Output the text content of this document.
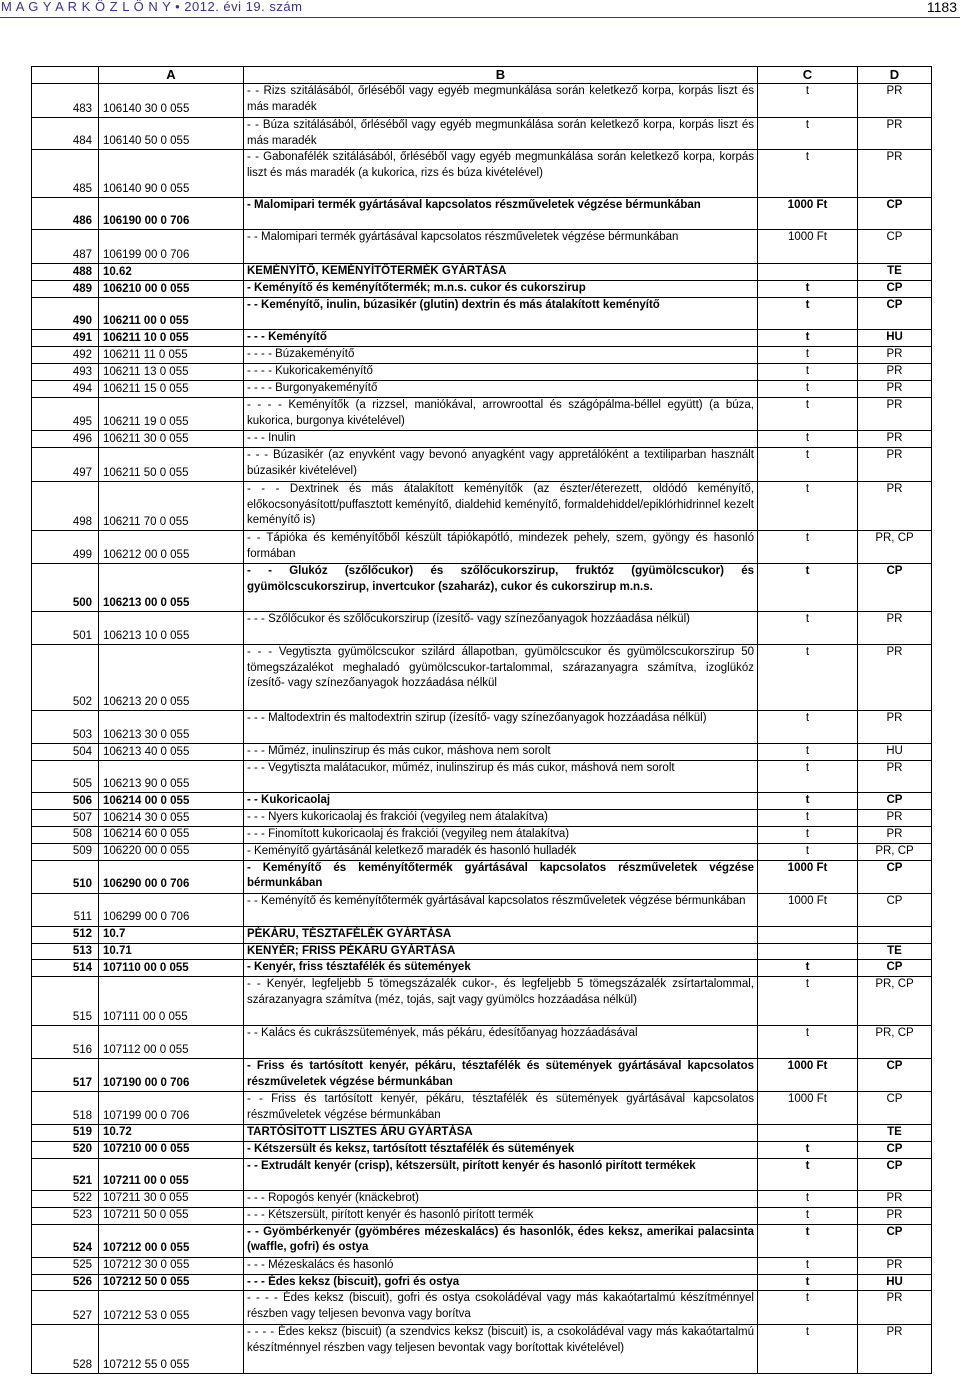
M A G Y A R K Ö Z L Ö N Y • 2012. évi 19. szám	1183
	A	B	C	D
483	106140 30 0 055	- - Rizs szitálásából, őrléséből vagy egyéb megmunkálása során keletkező korpa, korpás liszt és más maradék	t	PR
484	106140 50 0 055	- - Búza szitálásából, őrléséből vagy egyéb megmunkálása során keletkező korpa, korpás liszt és más maradék	t	PR
485	106140 90 0 055	- - Gabonafélék szitálásából, őrléséből vagy egyéb megmunkálása során keletkező korpa, korpás liszt és más maradék (a kukorica, rizs és búza kivételével)	t	PR
486	106190 00 0 706	- Malomipari termék gyártásával kapcsolatos részműveletek végzése bérmunkában	1000 Ft	CP
487	106199 00 0 706	- - Malomipari termék gyártásával kapcsolatos részműveletek végzése bérmunkában	1000 Ft	CP
488	10.62	KEMÉNYÍTŐ, KEMÉNYÍTŐTERMÉK GYÁRTÁSA		TE
489	106210 00 0 055	- Keményítő és keményítőtermék; m.n.s. cukor és cukorszirup	t	CP
490	106211 00 0 055	- - Keményítő, inulin, búzasikér (glutin) dextrin és más átalakított keményítő	t	CP
491	106211 10 0 055	- - - Keményítő	t	HU
492	106211 11 0 055	- - - - Búzakeményítő	t	PR
493	106211 13 0 055	- - - - Kukoricakeményítő	t	PR
494	106211 15 0 055	- - - - Burgonyakeményítő	t	PR
495	106211 19 0 055	- - - - Keményítők (a rizzsel, maniókával, arrowroottal és szágópálma-béllel együtt) (a búza, kukorica, burgonya kivételével)	t	PR
496	106211 30 0 055	- - - Inulin	t	PR
497	106211 50 0 055	- - - Búzasikér (az enyvként vagy bevonó anyagként vagy appretálóként a textiliparban használt búzasikér kivételével)	t	PR
498	106211 70 0 055	- - - Dextrinek és más átalakított keményítők (az észter/éterezett, oldódó keményítő, előkocsonyásított/puffasztott keményítő, dialdehid keményítő, formaldehiddel/epiklórhidrinnel kezelt keményítő is)	t	PR
499	106212 00 0 055	- - Tápióka és keményítőből készült tápiókapótló, mindezek pehely, szem, gyöngy és hasonló formában	t	PR, CP
500	106213 00 0 055	- - Glukóz (szőlőcukor) és szőlőcukorszirup, fruktóz (gyümölcscukor) és gyümölcscukorszirup, invertcukor (szaharáz), cukor és cukorszirup m.n.s.	t	CP
501	106213 10 0 055	- - - Szőlőcukor és szőlőcukorszirup (ízesítő- vagy színezőanyagok hozzáadása nélkül)	t	PR
502	106213 20 0 055	- - - Vegytiszta gyümölcscukor szilárd állapotban, gyümölcscukor és gyümölcscukorszirup 50 tömegszázalékot meghaladó gyümölcscukor-tartalommal, szárazanyagra számítva, izoglükóz ízesítő- vagy színezőanyagok hozzáadása nélkül	t	PR
503	106213 30 0 055	- - - Maltodextrin és maltodextrin szirup (ízesítő- vagy színezőanyagok hozzáadása nélkül)	t	PR
504	106213 40 0 055	- - - Műméz, inulinszirup és más cukor, máshova nem sorolt	t	HU
505	106213 90 0 055	- - - Vegytiszta malátacukor, műméz, inulinszirup és más cukor, máshová nem sorolt	t	PR
506	106214 00 0 055	- - Kukoricaolaj	t	CP
507	106214 30 0 055	- - - Nyers kukoricaolaj és frakciói (vegyileg nem átalakítva)	t	PR
508	106214 60 0 055	- - - Finomított kukoricaolaj és frakciói (vegyileg nem átalakítva)	t	PR
509	106220 00 0 055	- Keményítő gyártásánál keletkező maradék és hasonló hulladék	t	PR, CP
510	106290 00 0 706	- Keményítő és keményítőtermék gyártásával kapcsolatos részműveletek végzése bérmunkában	1000 Ft	CP
511	106299 00 0 706	- - Keményítő és keményítőtermék gyártásával kapcsolatos részműveletek végzése bérmunkában	1000 Ft	CP
512	10.7	PÉKÁRU, TÉSZTAFÉLÉK GYÁRTÁSA		
513	10.71	KENYÉR; FRISS PÉKÁRU GYÁRTÁSA		TE
514	107110 00 0 055	- Kenyér, friss tésztafélék és sütemények	t	CP
515	107111 00 0 055	- - Kenyér, legfeljebb 5 tömegszázalék cukor-, és legfeljebb 5 tömegszázalék zsírtartalommal, szárazanyagra számítva (méz, tojás, sajt vagy gyümölcs hozzáadása nélkül)	t	PR, CP
516	107112 00 0 055	- - Kalács és cukrászsütemények, más pékáru, édesítőanyag hozzáadásával	t	PR, CP
517	107190 00 0 706	- Friss és tartósított kenyér, pékáru, tésztafélék és sütemények gyártásával kapcsolatos részműveletek végzése bérmunkában	1000 Ft	CP
518	107199 00 0 706	- - Friss és tartósított kenyér, pékáru, tésztafélék és sütemények gyártásával kapcsolatos részműveletek végzése bérmunkában	1000 Ft	CP
519	10.72	TARTÓSÍTOTT LISZTES ÁRU GYÁRTÁSA		TE
520	107210 00 0 055	- Kétszersült és keksz, tartósított tésztafélék és sütemények	t	CP
521	107211 00 0 055	- - Extrudált kenyér (crisp), kétszersült, pirított kenyér és hasonló pirított termékek	t	CP
522	107211 30 0 055	- - - Ropogós kenyér (knäckebrot)	t	PR
523	107211 50 0 055	- - - Kétszersült, pirított kenyér és hasonló pirított termék	t	PR
524	107212 00 0 055	- - Gyömbérkenyér (gyömbéres mézeskalács) és hasonlók, édes keksz, amerikai palacsinta (waffle, gofri) és ostya	t	CP
525	107212 30 0 055	- - - Mézeskalács és hasonló	t	PR
526	107212 50 0 055	- - - Édes keksz (biscuit), gofri és ostya	t	HU
527	107212 53 0 055	- - - - Édes keksz (biscuit), gofri és ostya csokoládéval vagy más kakaótartalmú készítménnyel részben vagy teljesen bevonva vagy borítva	t	PR
528	107212 55 0 055	- - - - Édes keksz (biscuit) (a szendvics keksz (biscuit) is, a csokoládéval vagy más kakaótartalmú készítménnyel részben vagy teljesen bevontak vagy borítottak kivételével)	t	PR
